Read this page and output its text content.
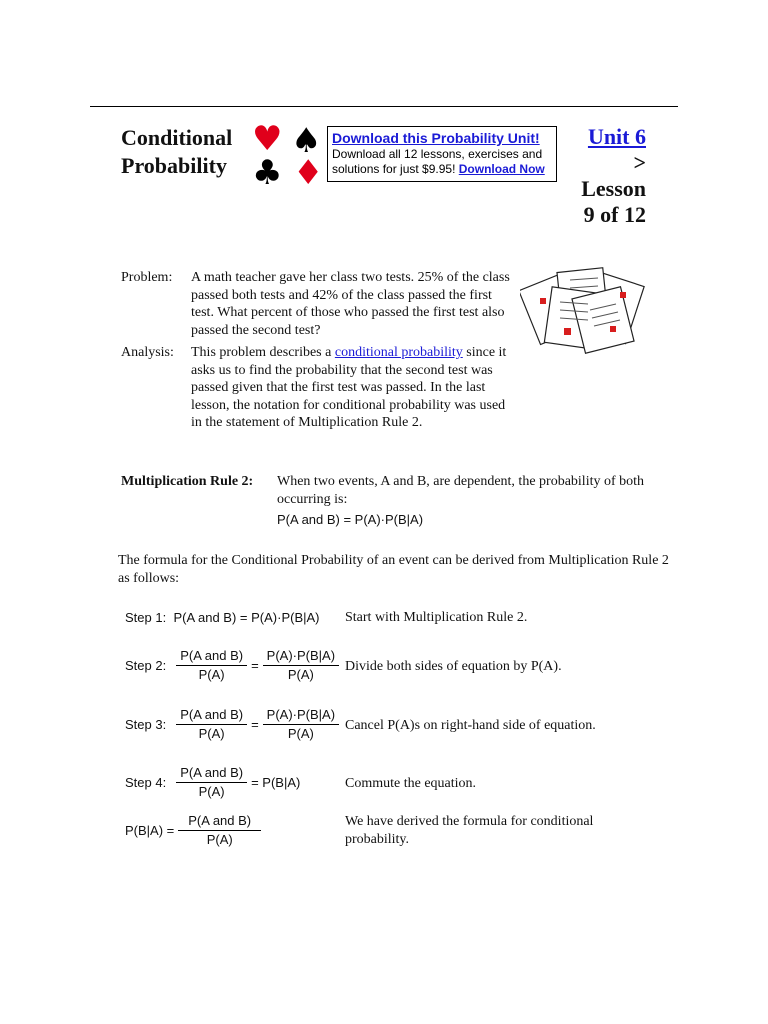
Conditional
Probability
♥ ♠
♣ ♦
Download this Probability Unit!
Download all 12 lessons, exercises and solutions for just $9.95! Download Now
Unit 6
>
Lesson
9 of 12
Problem:	A math teacher gave her class two tests. 25% of the class passed both tests and 42% of the class passed the first test. What percent of those who passed the first test also passed the second test?
Analysis:	This problem describes a conditional probability since it asks us to find the probability that the second test was passed given that the first test was passed. In the last lesson, the notation for conditional probability was used in the statement of Multiplication Rule 2.
Multiplication Rule 2: When two events, A and B, are dependent, the probability of both occurring is:
P(A and B) = P(A)·P(B|A)
The formula for the Conditional Probability of an event can be derived from Multiplication Rule 2 as follows:
Step 1: P(A and B) = P(A)·P(B|A) Start with Multiplication Rule 2.
Step 2: $\frac{\text{P(A and B)}}{P(A)} = \frac{P(A)\cdot P(B|A)}{P(A)}$ Divide both sides of equation by P(A).
Step 3: $\frac{\text{P(A and B)}}{P(A)} = \frac{P(A)\cdot P(B|A)}{P(A)}$ Cancel P(A)s on right-hand side of equation.
Step 4: $\frac{\text{P(A and B)}}{P(A)} = P(B|A)$	Commute the equation.
$P(B|A) = \frac{\text{P(A and B)}}{P(A)}$	We have derived the formula for conditional probability.
